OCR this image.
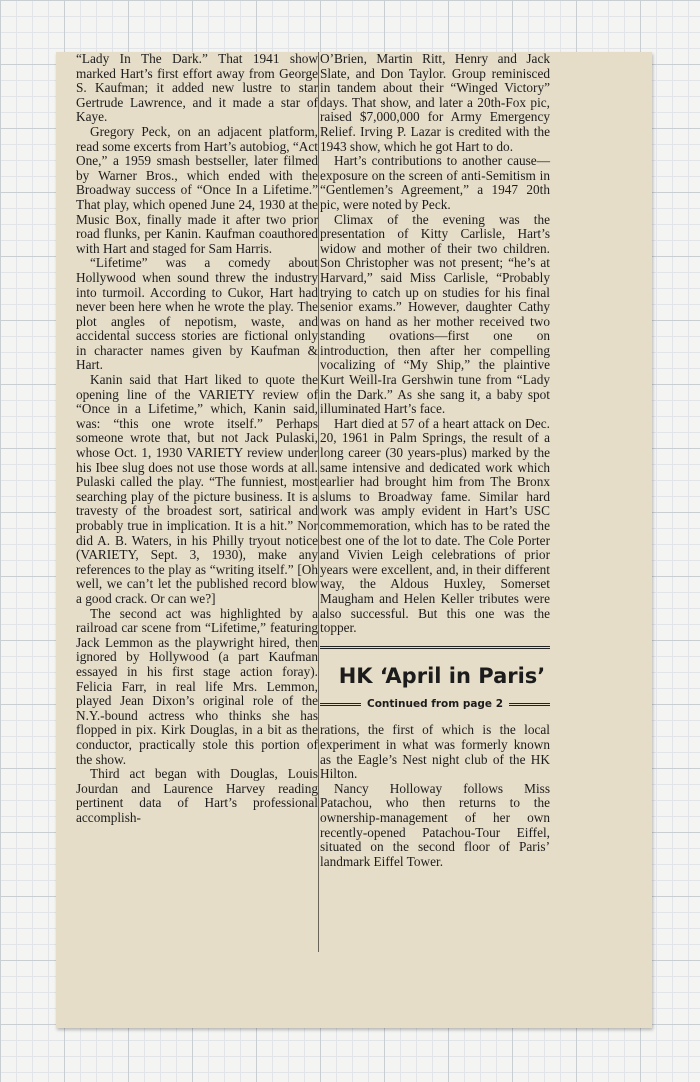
“Lady In The Dark.” That 1941 show marked Hart’s first effort away from George S. Kaufman; it added new lustre to star Gertrude Lawrence, and it made a star of Kaye.

Gregory Peck, on an adjacent platform, read some excerts from Hart’s autobiog, “Act One,” a 1959 smash bestseller, later filmed by Warner Bros., which ended with the Broadway success of “Once In a Lifetime.” That play, which opened June 24, 1930 at the Music Box, finally made it after two prior road flunks, per Kanin. Kaufman coauthored with Hart and staged for Sam Harris.

“Lifetime” was a comedy about Hollywood when sound threw the industry into turmoil. According to Cukor, Hart had never been here when he wrote the play. The plot angles of nepotism, waste, and accidental success stories are fictional only in character names given by Kaufman & Hart.

Kanin said that Hart liked to quote the opening line of the VARIETY review of “Once in a Lifetime,” which, Kanin said, was: “this one wrote itself.” Perhaps someone wrote that, but not Jack Pulaski, whose Oct. 1, 1930 VARIETY review under his Ibee slug does not use those words at all. Pulaski called the play. “The funniest, most searching play of the picture business. It is a travesty of the broadest sort, satirical and probably true in implication. It is a hit.” Nor did A. B. Waters, in his Philly tryout notice (VARIETY, Sept. 3, 1930), make any references to the play as “writing itself.” [Oh well, we can’t let the published record blow a good crack. Or can we?]

The second act was highlighted by a railroad car scene from “Lifetime,” featuring Jack Lemmon as the playwright hired, then ignored by Hollywood (a part Kaufman essayed in his first stage action foray). Felicia Farr, in real life Mrs. Lemmon, played Jean Dixon’s original role of the N.Y.-bound actress who thinks she has flopped in pix. Kirk Douglas, in a bit as the conductor, practically stole this portion of the show.

Third act began with Douglas, Louis Jourdan and Laurence Harvey reading pertinent data of Hart’s professional accomplish-

O’Brien, Martin Ritt, Henry and Jack Slate, and Don Taylor. Group reminisced in tandem about their “Winged Victory” days. That show, and later a 20th-Fox pic, raised $7,000,000 for Army Emergency Relief. Irving P. Lazar is credited with the 1943 show, which he got Hart to do.

Hart’s contributions to another cause—exposure on the screen of anti-Semitism in “Gentlemen’s Agreement,” a 1947 20th pic, were noted by Peck.

Climax of the evening was the presentation of Kitty Carlisle, Hart’s widow and mother of their two children. Son Christopher was not present; “he’s at Harvard,” said Miss Carlisle, “Probably trying to catch up on studies for his final senior exams.” However, daughter Cathy was on hand as her mother received two standing ovations—first one on introduction, then after her compelling vocalizing of “My Ship,” the plaintive Kurt Weill-Ira Gershwin tune from “Lady in the Dark.” As she sang it, a baby spot illuminated Hart’s face.

Hart died at 57 of a heart attack on Dec. 20, 1961 in Palm Springs, the result of a long career (30 years-plus) marked by the same intensive and dedicated work which earlier had brought him from The Bronx slums to Broadway fame. Similar hard work was amply evident in Hart’s USC commemoration, which has to be rated the best one of the lot to date. The Cole Porter and Vivien Leigh celebrations of prior years were excellent, and, in their different way, the Aldous Huxley, Somerset Maugham and Helen Keller tributes were also successful. But this one was the topper.

HK ‘April in Paris’

Continued from page 2

rations, the first of which is the local experiment in what was formerly known as the Eagle’s Nest night club of the HK Hilton.

Nancy Holloway follows Miss Patachou, who then returns to the ownership-management of her own recently-opened Patachou-Tour Eiffel, situated on the second floor of Paris’ landmark Eiffel Tower.
